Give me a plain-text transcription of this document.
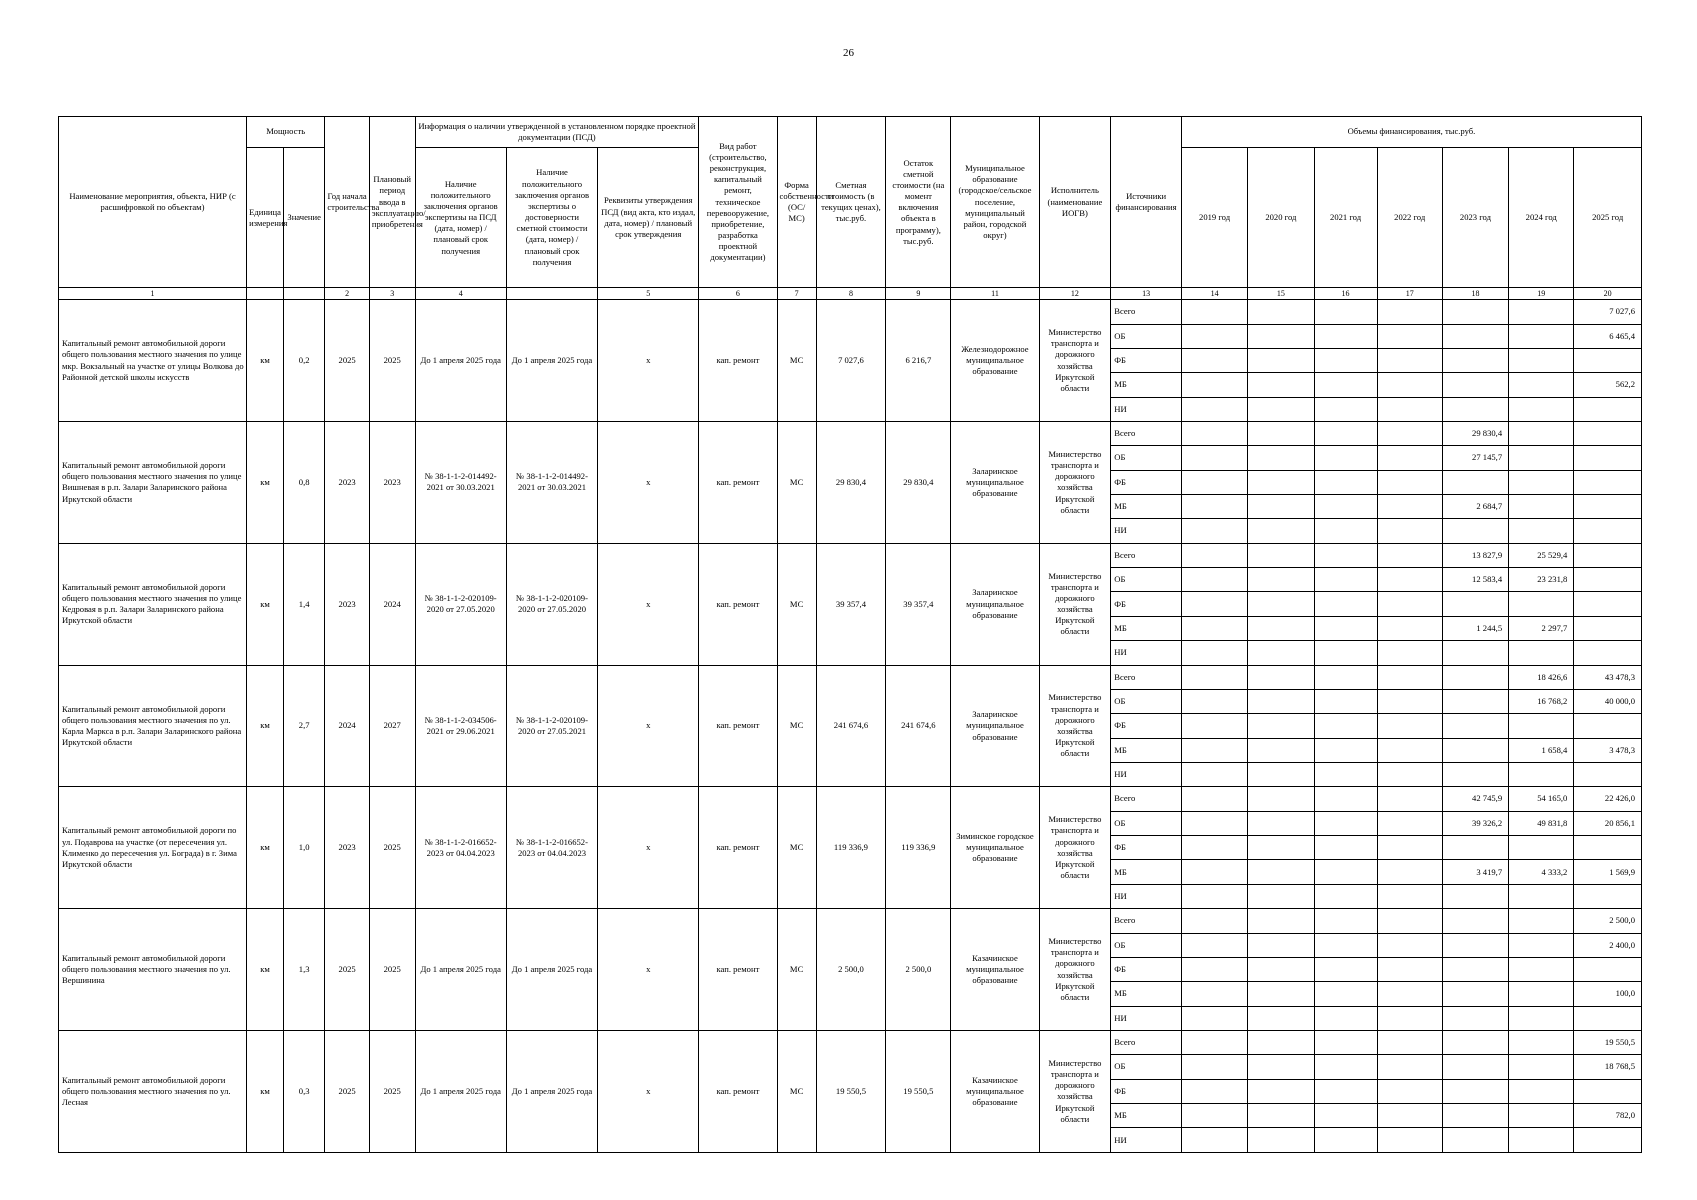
26
Наименование мероприятия, объекта, НИР (с расшифровкой по объектам)	Мощность		Год начала строительства	Плановый период ввода в эксплуатацию/приобретения	Информация о наличии утвержденной в установленном порядке проектной документации (ПСД)			Вид работ (строительство, реконструкция, капитальный ремонт, техническое перевооружение, приобретение, разработка проектной документации)	Форма собственности (ОС/ МС)	Сметная стоимость (в текущих ценах), тыс.руб.	Остаток сметной стоимости (на момент включения объекта в программу), тыс.руб.	Муниципальное образование (городское/сельское поселение, муниципальный район, городской округ)	Исполнитель (наименование ИОГВ)	Источники финансирования	Объемы финансирования, тыс.руб.						
	Единица измерения	Значение			Наличие положительного заключения органов экспертизы на ПСД (дата, номер) / плановый срок получения	Наличие положительного заключения органов экспертизы о достоверности сметной стоимости (дата, номер) / плановый срок получения	Реквизиты утверждения ПСД (вид акта, кто издал, дата, номер) / плановый срок утверждения								2019 год	2020 год	2021 год	2022 год	2023 год	2024 год	2025 год
1			2	3	4		5	6	7	8	9	11	12	13	14	15	16	17	18	19	20
Капитальный ремонт автомобильной дороги общего пользования местного значения по улице мкр. Вокзальный на участке от улицы Волкова до Районной детской школы искусств	км	0,2	2025	2025	До 1 апреля 2025 года	До 1 апреля 2025 года	х	кап. ремонт	МС	7 027,6	6 216,7	Железнодорожное муниципальное образование	Министерство транспорта и дорожного хозяйства Иркутской области	Всего							7 027,6
														ОБ							6 465,4
														ФБ							
														МБ							562,2
														НИ							
Капитальный ремонт автомобильной дороги общего пользования местного значения по улице Вишневая в р.п. Залари Заларинского района Иркутской области	км	0,8	2023	2023	№ 38-1-1-2-014492-2021 от 30.03.2021	№ 38-1-1-2-014492-2021 от 30.03.2021	х	кап. ремонт	МС	29 830,4	29 830,4	Заларинское муниципальное образование	Министерство транспорта и дорожного хозяйства Иркутской области	Всего					29 830,4		
														ОБ					27 145,7		
														ФБ							
														МБ					2 684,7		
														НИ							
Капитальный ремонт автомобильной дороги общего пользования местного значения по улице Кедровая в р.п. Залари Заларинского района Иркутской области	км	1,4	2023	2024	№ 38-1-1-2-020109-2020 от 27.05.2020	№ 38-1-1-2-020109-2020 от 27.05.2020	х	кап. ремонт	МС	39 357,4	39 357,4	Заларинское муниципальное образование	Министерство транспорта и дорожного хозяйства Иркутской области	Всего					13 827,9	25 529,4	
														ОБ					12 583,4	23 231,8	
														ФБ							
														МБ					1 244,5	2 297,7	
														НИ							
Капитальный ремонт автомобильной дороги общего пользования местного значения по ул. Карла Маркса в р.п. Залари Заларинского района Иркутской области	км	2,7	2024	2027	№ 38-1-1-2-034506-2021 от 29.06.2021	№ 38-1-1-2-020109-2020 от 27.05.2021	х	кап. ремонт	МС	241 674,6	241 674,6	Заларинское муниципальное образование	Министерство транспорта и дорожного хозяйства Иркутской области	Всего						18 426,6	43 478,3
														ОБ						16 768,2	40 000,0
														ФБ							
														МБ						1 658,4	3 478,3
														НИ							
Капитальный ремонт автомобильной дороги по ул. Подаврова на участке (от пересечения ул. Клименко до пересечения ул. Бограда) в г. Зима Иркутской области	км	1,0	2023	2025	№ 38-1-1-2-016652-2023 от 04.04.2023	№ 38-1-1-2-016652-2023 от 04.04.2023	х	кап. ремонт	МС	119 336,9	119 336,9	Зиминское городское муниципальное образование	Министерство транспорта и дорожного хозяйства Иркутской области	Всего					42 745,9	54 165,0	22 426,0
														ОБ					39 326,2	49 831,8	20 856,1
														ФБ							
														МБ					3 419,7	4 333,2	1 569,9
														НИ							
Капитальный ремонт автомобильной дороги общего пользования местного значения по ул. Вершинина	км	1,3	2025	2025	До 1 апреля 2025 года	До 1 апреля 2025 года	х	кап. ремонт	МС	2 500,0	2 500,0	Казачинское муниципальное образование	Министерство транспорта и дорожного хозяйства Иркутской области	Всего							2 500,0
														ОБ							2 400,0
														ФБ							
														МБ							100,0
														НИ							
Капитальный ремонт автомобильной дороги общего пользования местного значения по ул. Лесная	км	0,3	2025	2025	До 1 апреля 2025 года	До 1 апреля 2025 года	х	кап. ремонт	МС	19 550,5	19 550,5	Казачинское муниципальное образование	Министерство транспорта и дорожного хозяйства Иркутской области	Всего							19 550,5
														ОБ							18 768,5
														ФБ							
														МБ							782,0
														НИ							
